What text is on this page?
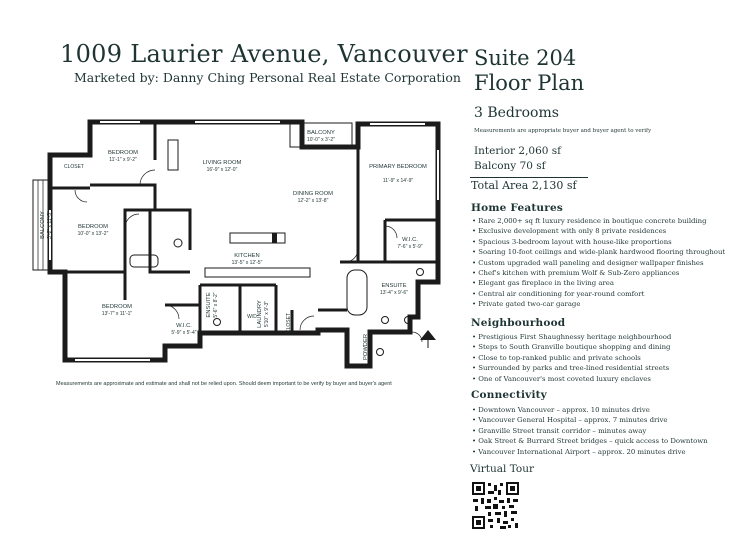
BEDROOM
11'-1" x 9'-2"
CLOSET
BALCONY 3'-2" x 11'-5"	BEDROOM
10'-0" x 13'-2"
LIVING ROOM
16'-9" x 12'-0"
BALCONY
10'-0" x 3'-2"
DINING ROOM
12'-2" x 13'-8"
PRIMARY BEDROOM
11'-9" x 14'-9"
W.I.C.
7'-6" x 5'-9"
KITCHEN
13'-5" x 12'-5"
ENSUITE
13'-4" x 9'-6"
BEDROOM
13'-7" x 11'-1"
W.I.C.
5'-9" x 5'-4"
ENSUITE 5'-6" x 8'-2"	LAUNDRY 5'10" x 9'-3"	CLOSET
POWDER
W/D
1009 Laurier Avenue, Vancouver
Marketed by: Danny Ching Personal Real Estate Corporation
Suite 204
Floor Plan
3 Bedrooms
Measurements are appropriate buyer and buyer agent to verify
Interior 2,060 sf
Balcony 70 sf
Total Area 2,130 sf
Home Features
• Rare 2,000+ sq ft luxury residence in boutique concrete building
• Exclusive development with only 8 private residences
• Spacious 3-bedroom layout with house-like proportions
• Soaring 10-foot ceilings and wide-plank hardwood flooring throughout
• Custom upgraded wall paneling and designer wallpaper finishes
• Chef's kitchen with premium Wolf & Sub-Zero appliances
• Elegant gas fireplace in the living area
• Central air conditioning for year-round comfort
• Private gated two-car garage
Neighbourhood
• Prestigious First Shaughnessy heritage neighbourhood
• Steps to South Granville boutique shopping and dining
• Close to top-ranked public and private schools
• Surrounded by parks and tree-lined residential streets
• One of Vancouver's most coveted luxury enclaves
Connectivity
• Downtown Vancouver – approx. 10 minutes drive
• Vancouver General Hospital – approx. 7 minutes drive
• Granville Street transit corridor – minutes away
• Oak Street & Burrard Street bridges – quick access to Downtown
• Vancouver International Airport – approx. 20 minutes drive
Virtual Tour
Measurements are approximate and estimate and shall not be relied upon. Should deem important to be verify by buyer and buyer's agent
